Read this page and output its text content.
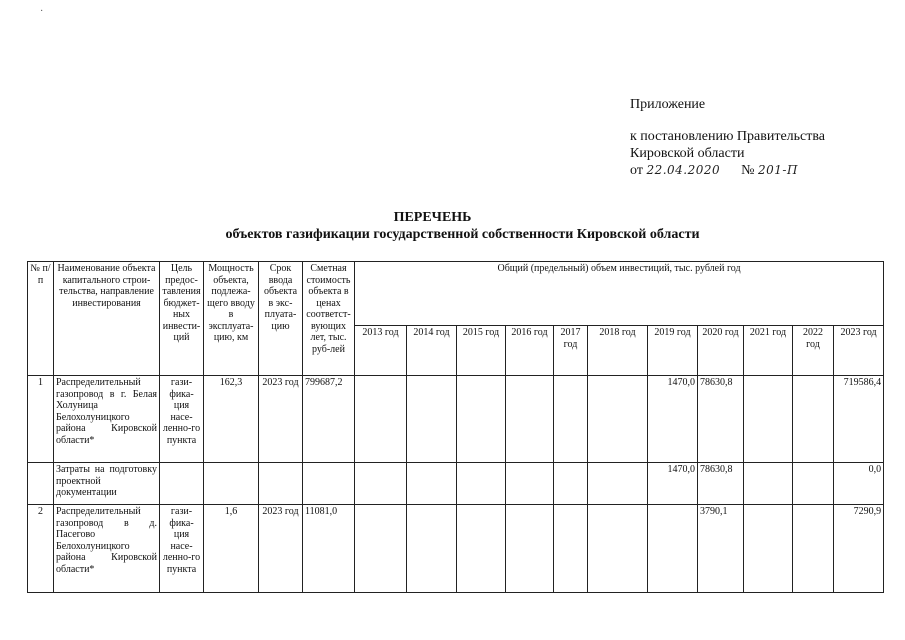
·
Приложение
к постановлению Правительства
Кировской области
от 22.04.2020 № 201-П
ПЕРЕЧЕНЬ
объектов газификации государственной собственности Кировской области
№ п/п	Наименование объекта капитального строи-тельства, направление инвестирования	Цель предос-тавления бюджет-ных инвести-ций	Мощность объекта, подлежа-щего вводу в эксплуата-цию, км	Срок ввода объекта в экс-плуата-цию	Сметная стоимость объекта в ценах соответст-вующих лет, тыс. руб-лей	Общий (предельный) объем инвестиций, тыс. рублей год										
						2013 год	2014 год	2015 год	2016 год	2017 год	2018 год	2019 год	2020 год	2021 год	2022 год	2023 год
1	Распределительный газопровод в г. Белая Холуница Белохолуницкого района Кировской области*	гази-фика-ция насе-ленно-го пункта	162,3	2023 год	799687,2							1470,0	78630,8			719586,4
	Затраты на подготовку проектной документации											1470,0	78630,8			0,0
2	Распределительный газопровод в д. Пасегово Белохолуницкого района Кировской области*	гази-фика-ция насе-ленно-го пункта	1,6	2023 год	11081,0								3790,1			7290,9
